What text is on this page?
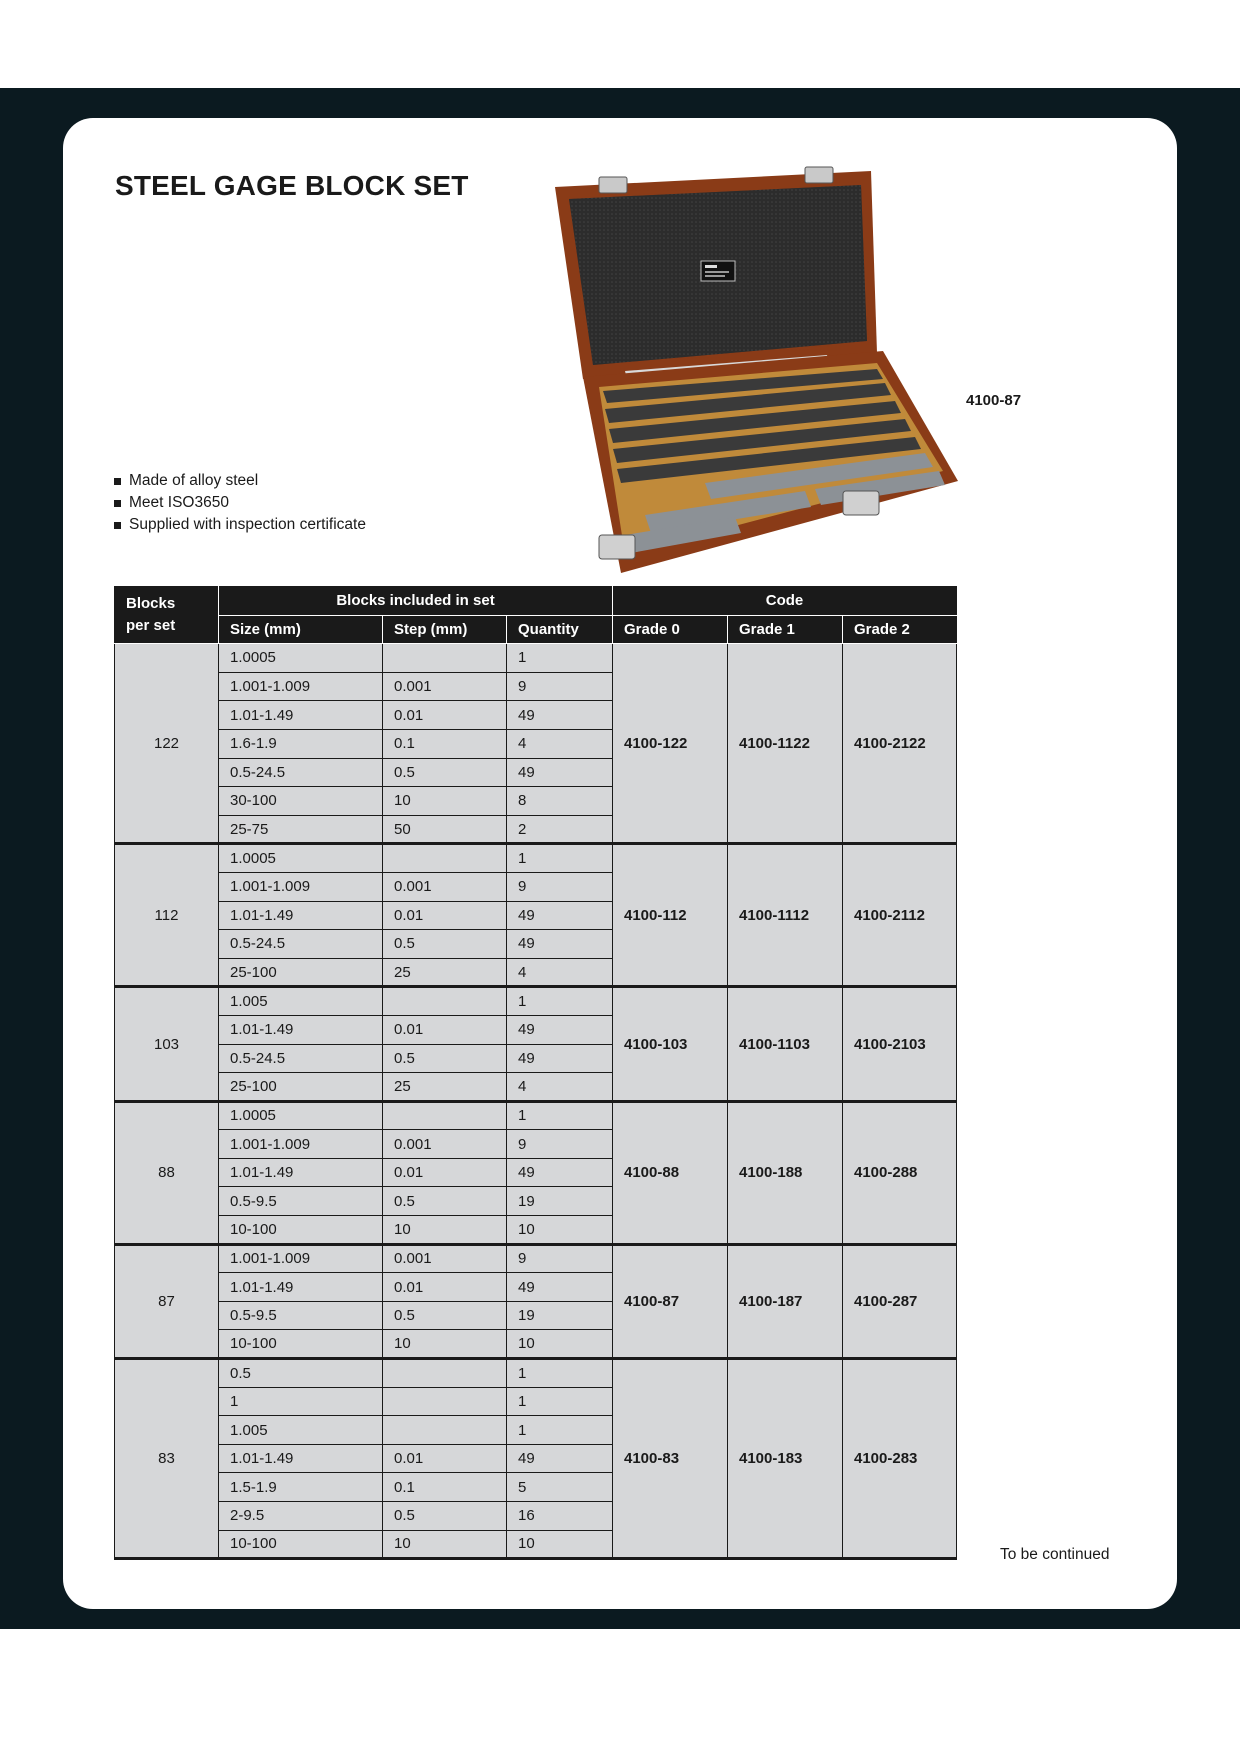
STEEL GAGE BLOCK SET
4100-87
Made of alloy steel
Meet ISO3650
Supplied with inspection certificate
Blocks
per set	Blocks included in set			Code		
	Size (mm)	Step (mm)	Quantity	Grade 0	Grade 1	Grade 2
122	1.0005		1	4100-122	4100-1122	4100-2122
	1.001-1.009	0.001	9			
	1.01-1.49	0.01	49			
	1.6-1.9	0.1	4			
	0.5-24.5	0.5	49			
	30-100	10	8			
	25-75	50	2			
112	1.0005		1	4100-112	4100-1112	4100-2112
	1.001-1.009	0.001	9			
	1.01-1.49	0.01	49			
	0.5-24.5	0.5	49			
	25-100	25	4			
103	1.005		1	4100-103	4100-1103	4100-2103
	1.01-1.49	0.01	49			
	0.5-24.5	0.5	49			
	25-100	25	4			
88	1.0005		1	4100-88	4100-188	4100-288
	1.001-1.009	0.001	9			
	1.01-1.49	0.01	49			
	0.5-9.5	0.5	19			
	10-100	10	10			
87	1.001-1.009	0.001	9	4100-87	4100-187	4100-287
	1.01-1.49	0.01	49			
	0.5-9.5	0.5	19			
	10-100	10	10			
83	0.5		1	4100-83	4100-183	4100-283
	1		1			
	1.005		1			
	1.01-1.49	0.01	49			
	1.5-1.9	0.1	5			
	2-9.5	0.5	16			
	10-100	10	10			
To be continued
